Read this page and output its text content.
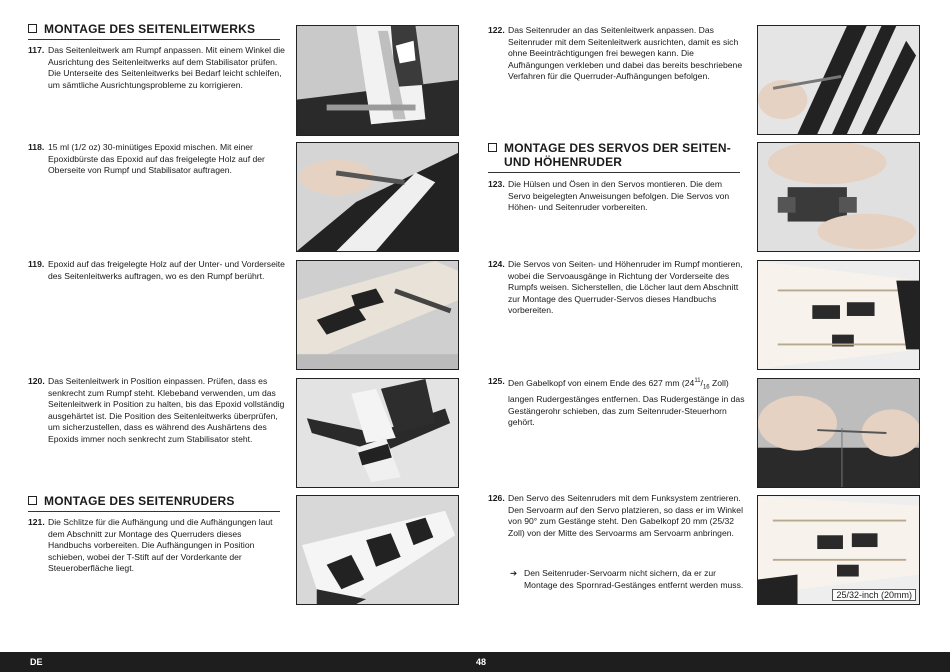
MONTAGE DES SEITENLEITWERKS
117. Das Seitenleitwerk am Rumpf anpassen. Mit einem Winkel die Ausrichtung des Seitenleitwerks auf dem Stabilisator prüfen. Die Unterseite des Seitenleitwerks bei Bedarf leicht schleifen, um sämtliche Ausrichtungsprobleme zu korrigieren.
118. 15 ml (1/2 oz) 30-minütiges Epoxid mischen. Mit einer Epoxidbürste das Epoxid auf das freigelegte Holz auf der Oberseite von Rumpf und Stabilisator auftragen.
119. Epoxid auf das freigelegte Holz auf der Unter- und Vorderseite des Seitenleitwerks auftragen, wo es den Rumpf berührt.
120. Das Seitenleitwerk in Position einpassen. Prüfen, dass es senkrecht zum Rumpf steht. Klebeband verwenden, um das Seitenleitwerk in Position zu halten, bis das Epoxid vollständig ausgehärtet ist. Die Position des Seitenleitwerks überprüfen, um sicherzustellen, dass es während des Aushärtens des Epoxids immer noch senkrecht zum Stabilisator steht.
MONTAGE DES SEITENRUDERS
121. Die Schlitze für die Aufhängung und die Aufhängungen laut dem Abschnitt zur Montage des Querruders dieses Handbuchs vorbereiten. Die Aufhängungen in Position schieben, wobei der T-Stift auf der Vorderkante der Steueroberfläche liegt.
122. Das Seitenruder an das Seitenleitwerk anpassen. Das Seitenruder mit dem Seitenleitwerk ausrichten, damit es sich ohne Beeinträchtigungen frei bewegen kann. Die Aufhängungen verkleben und dabei das bereits beschriebene Verfahren für die Querruder-Aufhängungen befolgen.
MONTAGE DES SERVOS DER SEITEN- UND HÖHENRUDER
123. Die Hülsen und Ösen in den Servos montieren. Die dem Servo beigelegten Anweisungen befolgen. Die Servos von Höhen- und Seitenruder vorbereiten.
124. Die Servos von Seiten- und Höhenruder im Rumpf montieren, wobei die Servoausgänge in Richtung der Vorderseite des Rumpfs weisen. Sicherstellen, die Löcher laut dem Abschnitt zur Montage des Querruder-Servos dieses Handbuchs vorbereiten.
125. Den Gabelkopf von einem Ende des 627 mm ($24^{11}/_{16}$ Zoll) langen Rudergestänges entfernen. Das Rudergestänge in das Gestängerohr schieben, das zum Seitenruder-Steuerhorn gehört.
126. Den Servo des Seitenruders mit dem Funksystem zentrieren. Den Servoarm auf den Servo platzieren, so dass er im Winkel von 90° zum Gestänge steht. Den Gabelkopf 20 mm (25/32 Zoll) von der Mitte des Servoarms am Servoarm anbringen.
➔ Den Seitenruder-Servoarm nicht sichern, da er zur Montage des Spornrad-Gestänges entfernt werden muss.
25/32-inch (20mm)
DE	48
